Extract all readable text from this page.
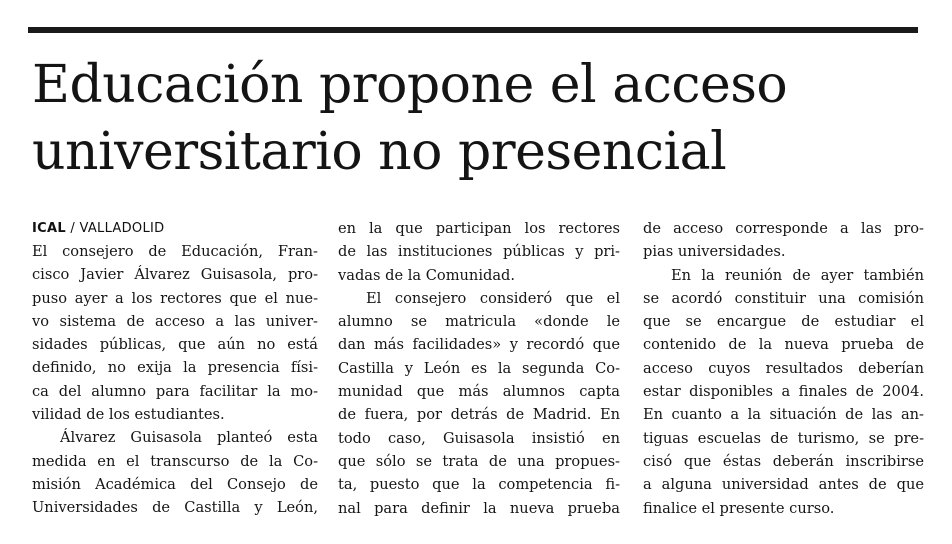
Educación propone el acceso
universitario no presencial
ICAL / VALLADOLID
El consejero de Educación, Fran-
cisco Javier Álvarez Guisasola, pro-
puso ayer a los rectores que el nue-
vo sistema de acceso a las univer-
sidades públicas, que aún no está
definido, no exija la presencia físi-
ca del alumno para facilitar la mo-
vilidad de los estudiantes.
Álvarez Guisasola planteó esta
medida en el transcurso de la Co-
misión Académica del Consejo de
Universidades de Castilla y León,
en la que participan los rectores
de las instituciones públicas y pri-
vadas de la Comunidad.
El consejero consideró que el
alumno se matricula «donde le
dan más facilidades» y recordó que
Castilla y León es la segunda Co-
munidad que más alumnos capta
de fuera, por detrás de Madrid. En
todo caso, Guisasola insistió en
que sólo se trata de una propues-
ta, puesto que la competencia fi-
nal para definir la nueva prueba
de acceso corresponde a las pro-
pias universidades.
En la reunión de ayer también
se acordó constituir una comisión
que se encargue de estudiar el
contenido de la nueva prueba de
acceso cuyos resultados deberían
estar disponibles a finales de 2004.
En cuanto a la situación de las an-
tiguas escuelas de turismo, se pre-
cisó que éstas deberán inscribirse
a alguna universidad antes de que
finalice el presente curso.
